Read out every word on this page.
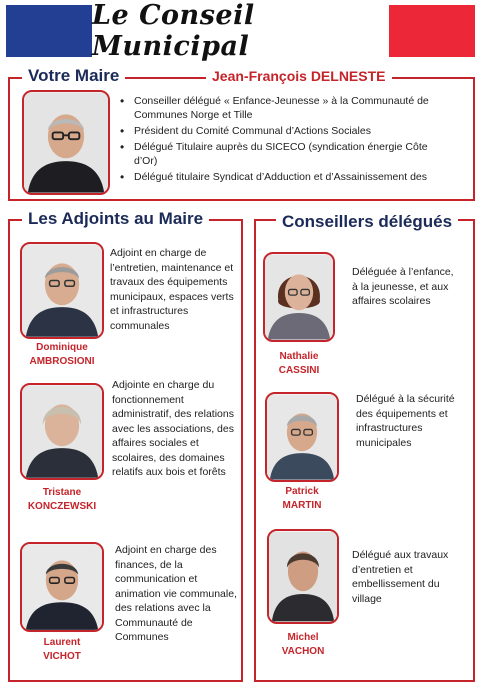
Le Conseil Municipal
Votre Maire	Jean-François DELNESTE
• Conseiller délégué « Enfance-Jeunesse » à la Communauté de Communes Norge et Tille
• Président du Comité Communal d’Actions Sociales
• Délégué Titulaire auprès du SICECO (syndication énergie Côte d’Or)
• Délégué titulaire Syndicat d’Adduction et d’Assainissement des
Les Adjoints au Maire
Dominique
AMBROSIONI
Adjoint en charge de l’entretien, maintenance et travaux des équipements municipaux, espaces verts et infrastructures communales
Tristane
KONCZEWSKI
Adjointe en charge du fonctionnement administratif, des relations avec les associations, des affaires sociales et scolaires, des domaines relatifs aux bois et forêts
Laurent
VICHOT
Adjoint en charge des finances, de la communication et animation vie communale, des relations avec la Communauté de Communes
Conseillers délégués
Nathalie
CASSINI
Déléguée à l’enfance, à la jeunesse, et aux affaires scolaires
Patrick
MARTIN
Délégué à la sécurité des équipements et infrastructures municipales
Michel
VACHON
Délégué aux travaux d’entretien et embellissement du village
